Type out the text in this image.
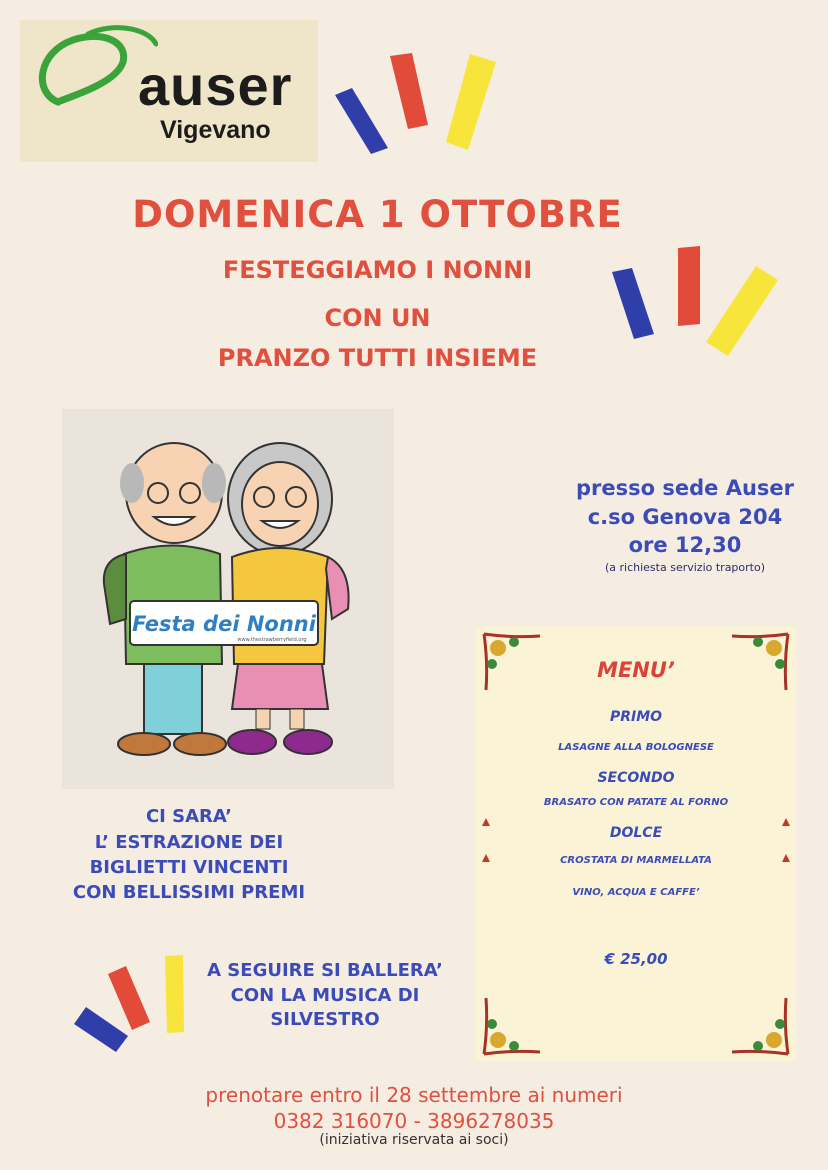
auser
Vigevano
DOMENICA 1 OTTOBRE
FESTEGGIAMO I NONNI
CON UN
PRANZO TUTTI INSIEME
Festa dei Nonni
www.thestrawberryfield.org
presso sede Auser
c.so Genova 204
ore 12,30
(a richiesta servizio traporto)
CI SARA’
L’ ESTRAZIONE DEI
BIGLIETTI VINCENTI
CON BELLISSIMI PREMI
A SEGUIRE SI BALLERA’
CON LA MUSICA DI
SILVESTRO
MENU’
PRIMO
LASAGNE ALLA BOLOGNESE
SECONDO
BRASATO CON PATATE AL FORNO
DOLCE
CROSTATA DI MARMELLATA
VINO, ACQUA E CAFFE’
€ 25,00
prenotare entro il 28 settembre ai numeri
0382 316070 - 3896278035
(iniziativa riservata ai soci)
